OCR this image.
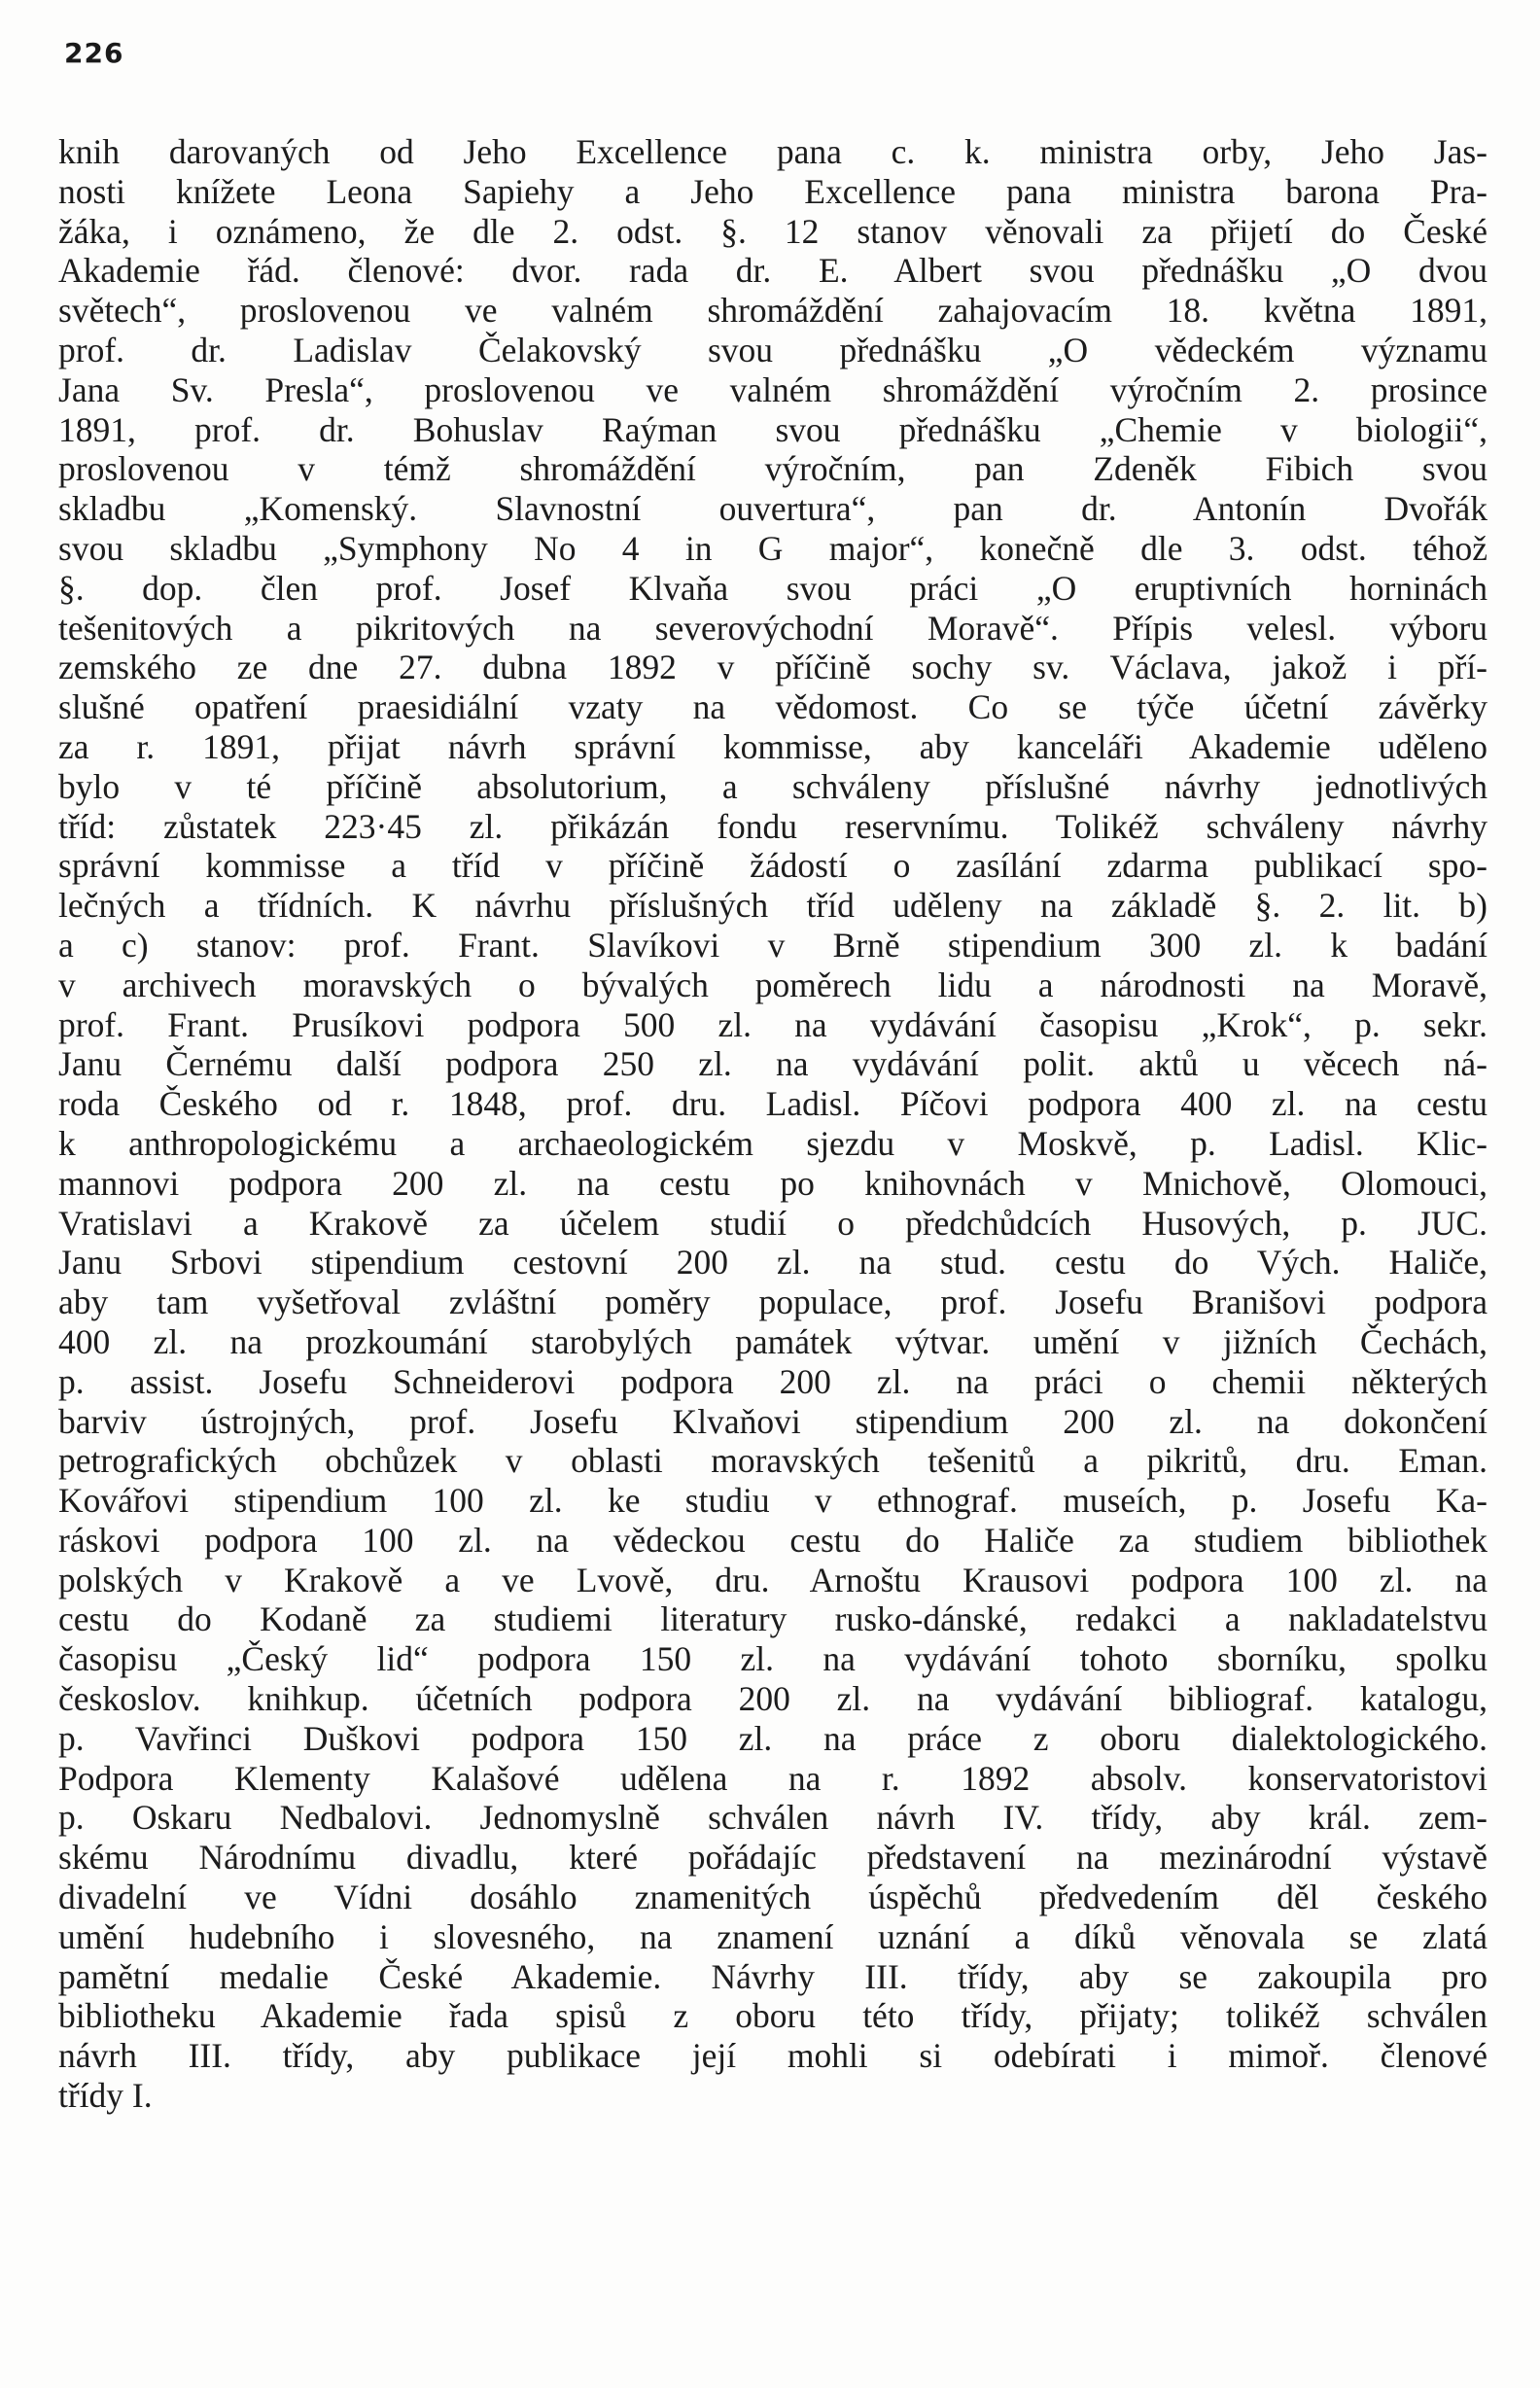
226
knih darovaných od Jeho Excellence pana c. k. ministra orby, Jeho Jas-
nosti knížete Leona Sapiehy a Jeho Excellence pana ministra barona Pra-
žáka, i oznámeno, že dle 2. odst. §. 12 stanov věnovali za přijetí do České
Akademie řád. členové: dvor. rada dr. E. Albert svou přednášku „O dvou
světech“, proslovenou ve valném shromáždění zahajovacím 18. května 1891,
prof. dr. Ladislav Čelakovský svou přednášku „O vědeckém významu
Jana Sv. Presla“, proslovenou ve valném shromáždění výročním 2. prosince
1891, prof. dr. Bohuslav Raýman svou přednášku „Chemie v biologii“,
proslovenou v témž shromáždění výročním, pan Zdeněk Fibich svou
skladbu „Komenský. Slavnostní ouvertura“, pan dr. Antonín Dvořák
svou skladbu „Symphony No 4 in G major“, konečně dle 3. odst. téhož
§. dop. člen prof. Josef Klvaňa svou práci „O eruptivních horninách
tešenitových a pikritových na severovýchodní Moravě“. Přípis velesl. výboru
zemského ze dne 27. dubna 1892 v příčině sochy sv. Václava, jakož i pří-
slušné opatření praesidiální vzaty na vědomost. Co se týče účetní závěrky
za r. 1891, přijat návrh správní kommisse, aby kanceláři Akademie uděleno
bylo v té příčině absolutorium, a schváleny příslušné návrhy jednotlivých
tříd: zůstatek 223·45 zl. přikázán fondu reservnímu. Tolikéž schváleny návrhy
správní kommisse a tříd v příčině žádostí o zasílání zdarma publikací spo-
lečných a třídních. K návrhu příslušných tříd uděleny na základě §. 2. lit. b)
a c) stanov: prof. Frant. Slavíkovi v Brně stipendium 300 zl. k badání
v archivech moravských o bývalých poměrech lidu a národnosti na Moravě,
prof. Frant. Prusíkovi podpora 500 zl. na vydávání časopisu „Krok“, p. sekr.
Janu Černému další podpora 250 zl. na vydávání polit. aktů u věcech ná-
roda Českého od r. 1848, prof. dru. Ladisl. Píčovi podpora 400 zl. na cestu
k anthropologickému a archaeologickém sjezdu v Moskvě, p. Ladisl. Klic-
mannovi podpora 200 zl. na cestu po knihovnách v Mnichově, Olomouci,
Vratislavi a Krakově za účelem studií o předchůdcích Husových, p. JUC.
Janu Srbovi stipendium cestovní 200 zl. na stud. cestu do Vých. Haliče,
aby tam vyšetřoval zvláštní poměry populace, prof. Josefu Branišovi podpora
400 zl. na prozkoumání starobylých památek výtvar. umění v jižních Čechách,
p. assist. Josefu Schneiderovi podpora 200 zl. na práci o chemii některých
barviv ústrojných, prof. Josefu Klvaňovi stipendium 200 zl. na dokončení
petrografických obchůzek v oblasti moravských tešenitů a pikritů, dru. Eman.
Kovářovi stipendium 100 zl. ke studiu v ethnograf. museích, p. Josefu Ka-
ráskovi podpora 100 zl. na vědeckou cestu do Haliče za studiem bibliothek
polských v Krakově a ve Lvově, dru. Arnoštu Krausovi podpora 100 zl. na
cestu do Kodaně za studiemi literatury rusko-dánské, redakci a nakladatelstvu
časopisu „Český lid“ podpora 150 zl. na vydávání tohoto sborníku, spolku
českoslov. knihkup. účetních podpora 200 zl. na vydávání bibliograf. katalogu,
p. Vavřinci Duškovi podpora 150 zl. na práce z oboru dialektologického.
Podpora Klementy Kalašové udělena na r. 1892 absolv. konservatoristovi
p. Oskaru Nedbalovi. Jednomyslně schválen návrh IV. třídy, aby král. zem-
skému Národnímu divadlu, které pořádajíc představení na mezinárodní výstavě
divadelní ve Vídni dosáhlo znamenitých úspěchů předvedením děl českého
umění hudebního i slovesného, na znamení uznání a díků věnovala se zlatá
pamětní medalie České Akademie. Návrhy III. třídy, aby se zakoupila pro
bibliotheku Akademie řada spisů z oboru této třídy, přijaty; tolikéž schválen
návrh III. třídy, aby publikace její mohli si odebírati i mimoř. členové
třídy I.
